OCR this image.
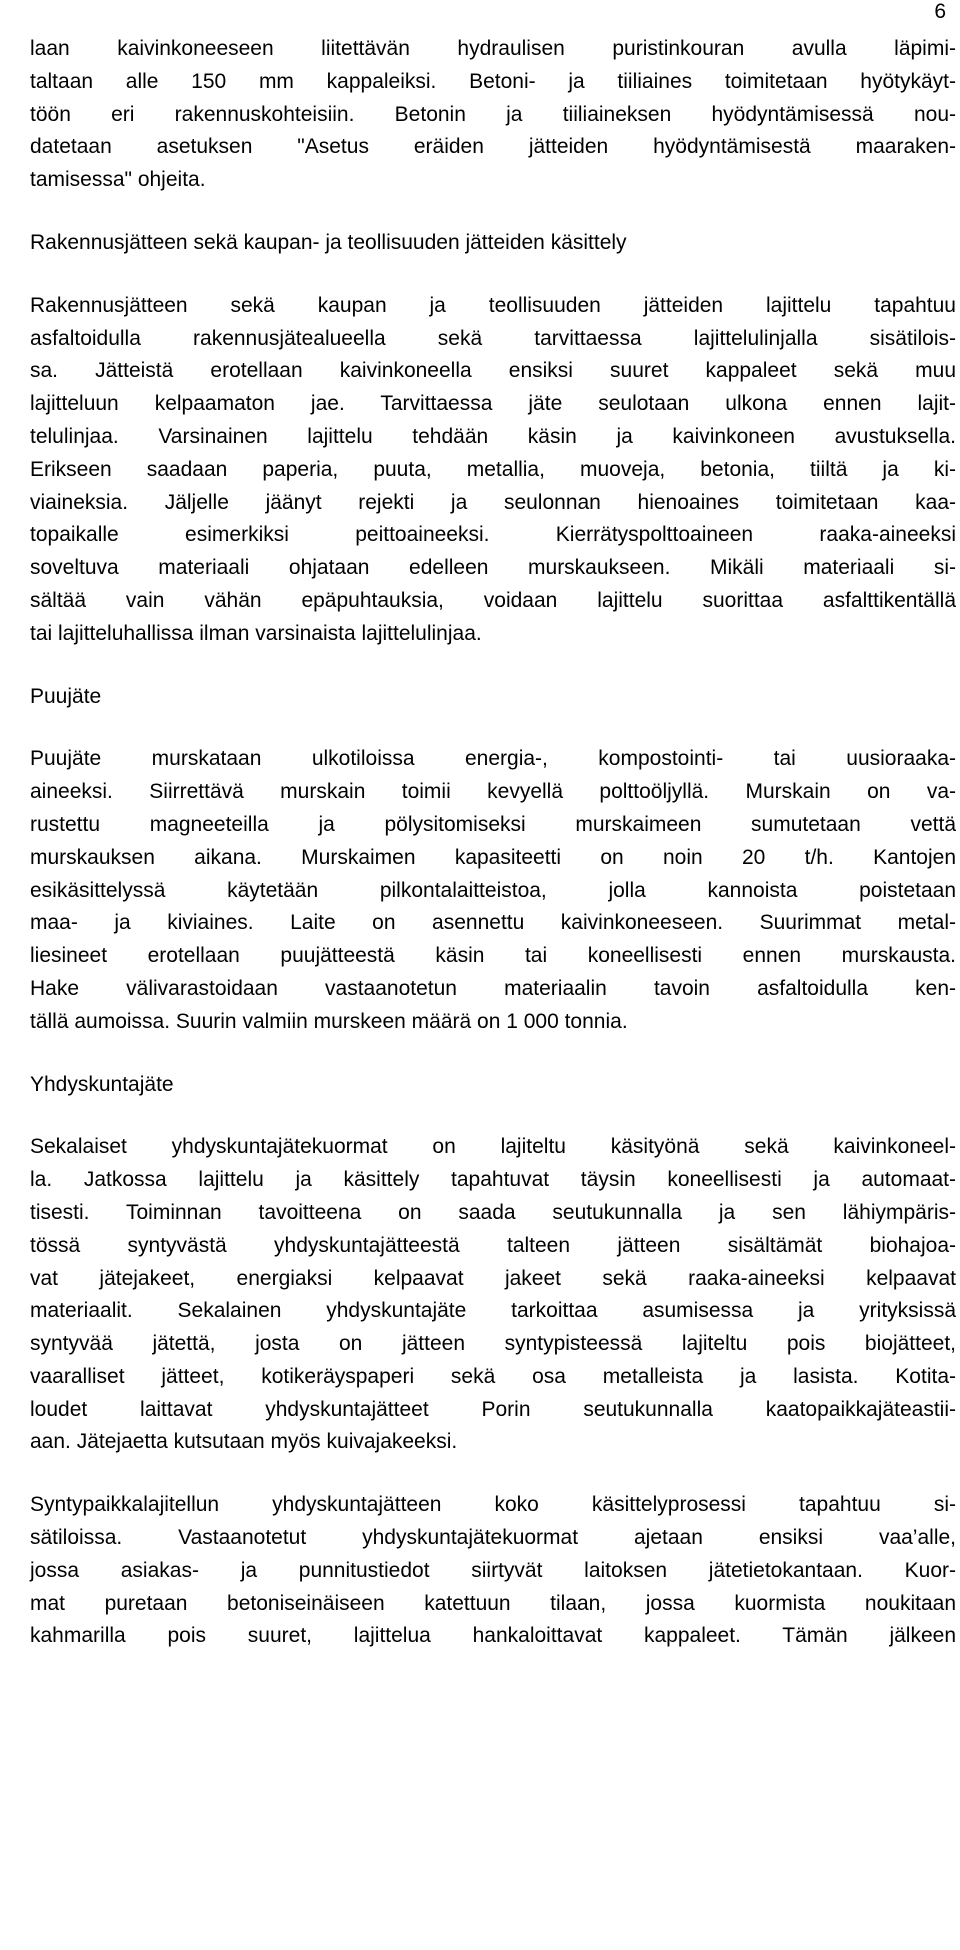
6
laan kaivinkoneeseen liitettävän hydraulisen puristinkouran avulla läpimi-
taltaan alle 150 mm kappaleiksi. Betoni- ja tiiliaines toimitetaan hyötykäyt-
töön eri rakennuskohteisiin. Betonin ja tiiliaineksen hyödyntämisessä nou-
datetaan asetuksen "Asetus eräiden jätteiden hyödyntämisestä maaraken-
tamisessa" ohjeita.
Rakennusjätteen sekä kaupan- ja teollisuuden jätteiden käsittely
Rakennusjätteen sekä kaupan ja teollisuuden jätteiden lajittelu tapahtuu
asfaltoidulla rakennusjätealueella sekä tarvittaessa lajittelulinjalla sisätilois-
sa. Jätteistä erotellaan kaivinkoneella ensiksi suuret kappaleet sekä muu
lajitteluun kelpaamaton jae. Tarvittaessa jäte seulotaan ulkona ennen lajit-
telulinjaa. Varsinainen lajittelu tehdään käsin ja kaivinkoneen avustuksella.
Erikseen saadaan paperia, puuta, metallia, muoveja, betonia, tiiltä ja ki-
viaineksia. Jäljelle jäänyt rejekti ja seulonnan hienoaines toimitetaan kaa-
topaikalle esimerkiksi peittoaineeksi. Kierrätyspolttoaineen raaka-aineeksi
soveltuva materiaali ohjataan edelleen murskaukseen. Mikäli materiaali si-
sältää vain vähän epäpuhtauksia, voidaan lajittelu suorittaa asfalttikentällä
tai lajitteluhallissa ilman varsinaista lajittelulinjaa.
Puujäte
Puujäte murskataan ulkotiloissa energia-, kompostointi- tai uusioraaka-
aineeksi. Siirrettävä murskain toimii kevyellä polttoöljyllä. Murskain on va-
rustettu magneeteilla ja pölysitomiseksi murskaimeen sumutetaan vettä
murskauksen aikana. Murskaimen kapasiteetti on noin 20 t/h. Kantojen
esikäsittelyssä käytetään pilkontalaitteistoa, jolla kannoista poistetaan
maa- ja kiviaines. Laite on asennettu kaivinkoneeseen. Suurimmat metal-
liesineet erotellaan puujätteestä käsin tai koneellisesti ennen murskausta.
Hake välivarastoidaan vastaanotetun materiaalin tavoin asfaltoidulla ken-
tällä aumoissa. Suurin valmiin murskeen määrä on 1 000 tonnia.
Yhdyskuntajäte
Sekalaiset yhdyskuntajätekuormat on lajiteltu käsityönä sekä kaivinkoneel-
la. Jatkossa lajittelu ja käsittely tapahtuvat täysin koneellisesti ja automaat-
tisesti. Toiminnan tavoitteena on saada seutukunnalla ja sen lähiympäris-
tössä syntyvästä yhdyskuntajätteestä talteen jätteen sisältämät biohajoa-
vat jätejakeet, energiaksi kelpaavat jakeet sekä raaka-aineeksi kelpaavat
materiaalit. Sekalainen yhdyskuntajäte tarkoittaa asumisessa ja yrityksissä
syntyvää jätettä, josta on jätteen syntypisteessä lajiteltu pois biojätteet,
vaaralliset jätteet, kotikeräyspaperi sekä osa metalleista ja lasista. Kotita-
loudet laittavat yhdyskuntajätteet Porin seutukunnalla kaatopaikkajäteastii-
aan. Jätejaetta kutsutaan myös kuivajakeeksi.
Syntypaikkalajitellun yhdyskuntajätteen koko käsittelyprosessi tapahtuu si-
sätiloissa. Vastaanotetut yhdyskuntajätekuormat ajetaan ensiksi vaa’alle,
jossa asiakas- ja punnitustiedot siirtyvät laitoksen jätetietokantaan. Kuor-
mat puretaan betoniseinäiseen katettuun tilaan, jossa kuormista noukitaan
kahmarilla pois suuret, lajittelua hankaloittavat kappaleet. Tämän jälkeen
